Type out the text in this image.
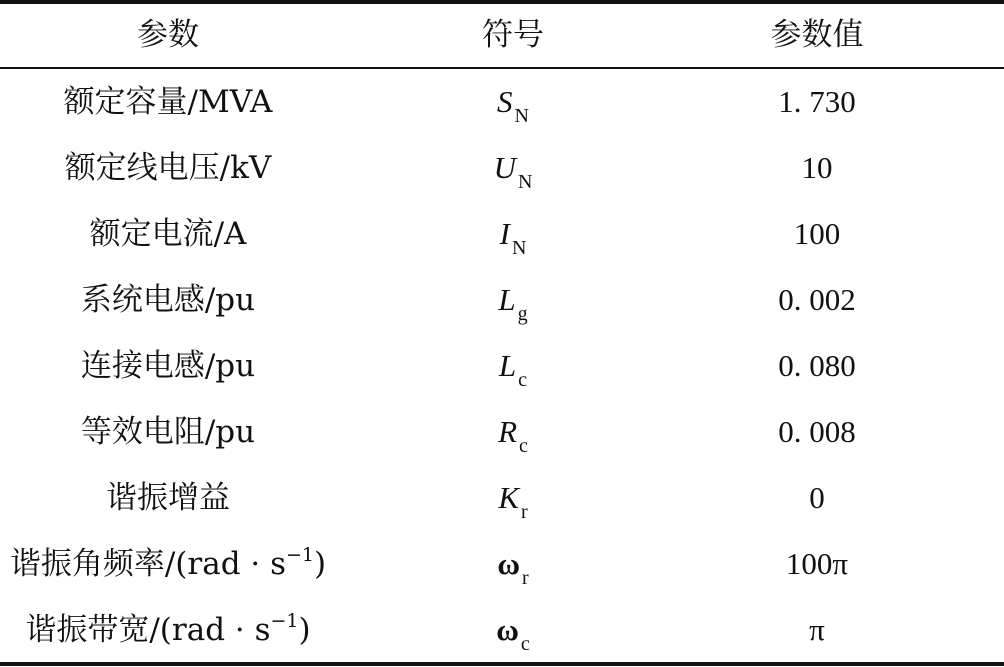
参数	符号	参数值
额定容量/MVA	S $_N$	1. 730
额定线电压/kV	U $_N$	10
额定电流/A	I $_N$	100
系统电感/pu	L $_g$	0. 002
连接电感/pu	L $_c$	0. 080
等效电阻/pu	R $_c$	0. 008
谐振增益	K $_r$	0
谐振角频率$/(rad \cdot s^{-1})$	ω $_r$	100π
谐振带宽$/(rad \cdot s^{-1})$	ω $_c$	π
